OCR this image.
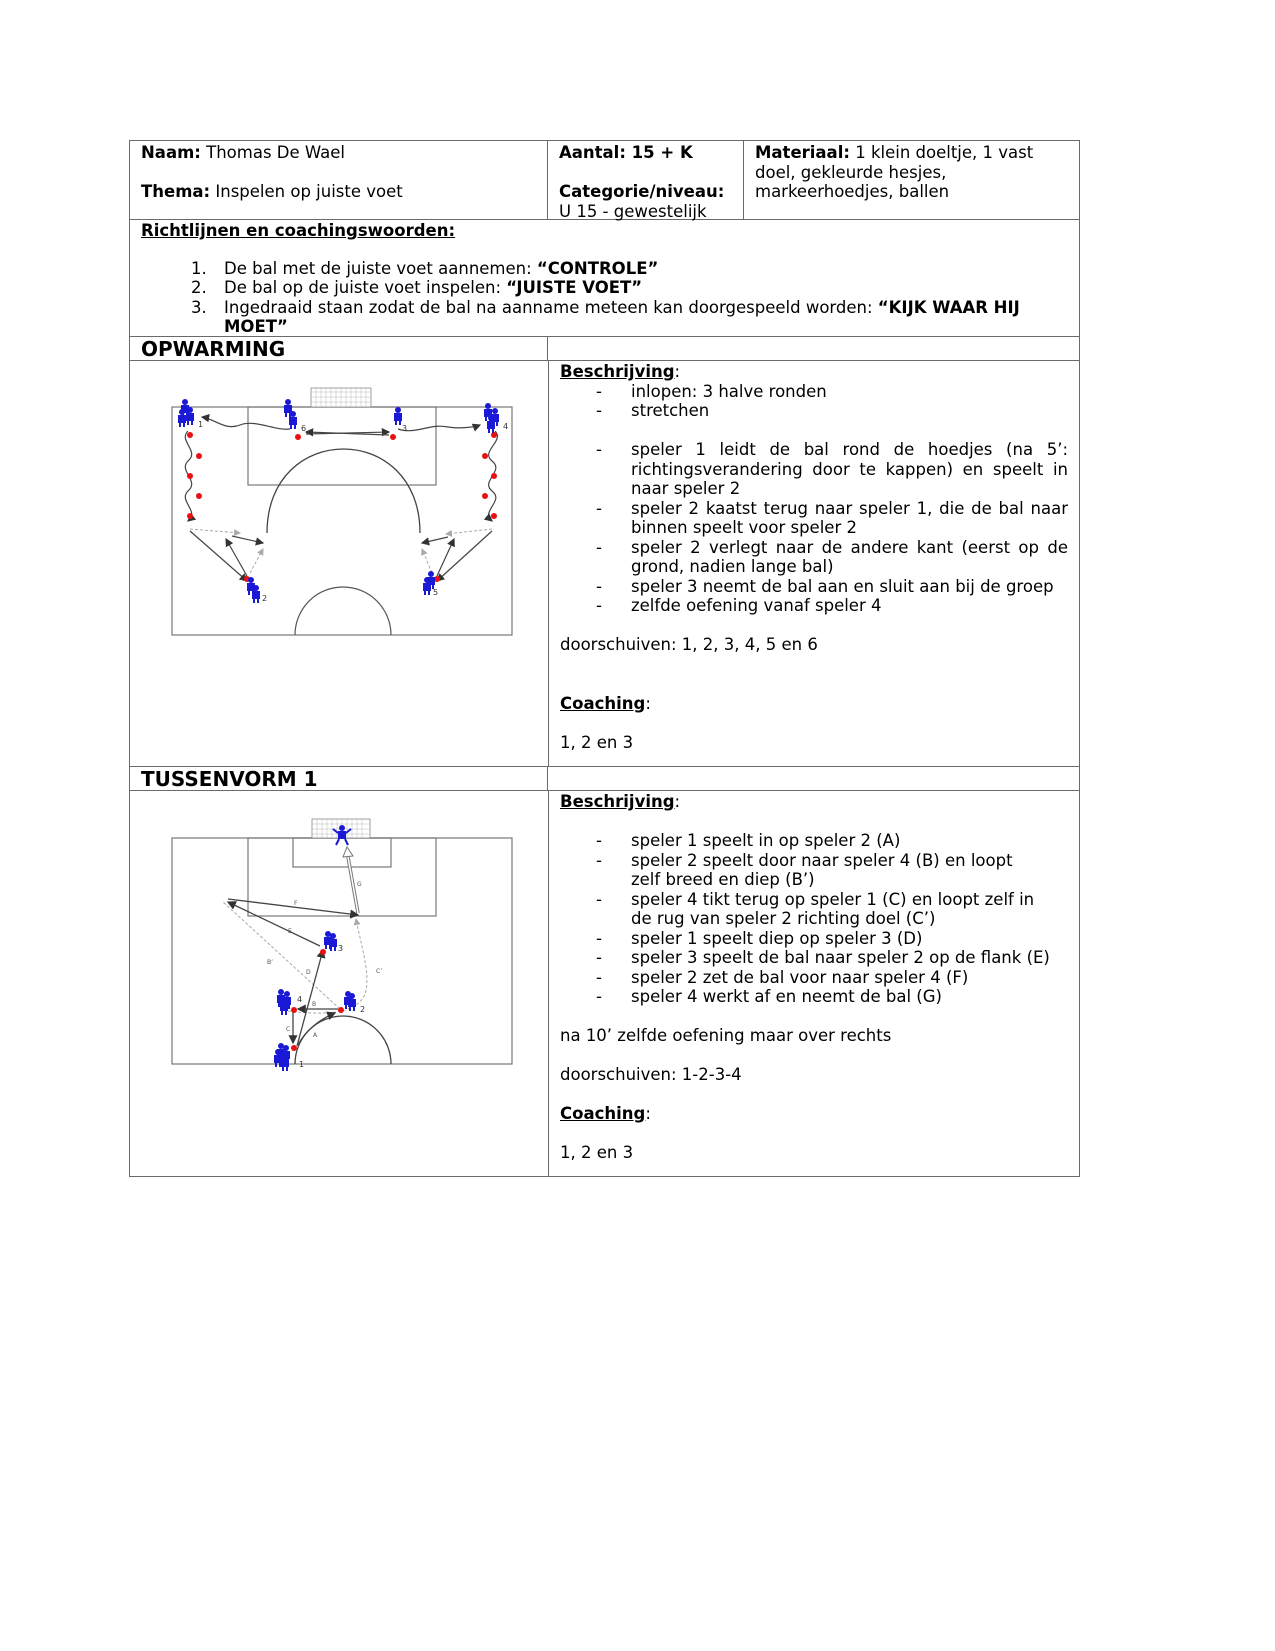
Naam: Thomas De Wael
Thema: Inspelen op juiste voet
Aantal: 15 + K
Categorie/niveau:
U 15 - gewestelijk
Materiaal: 1 klein doeltje, 1 vast doel, gekleurde hesjes, markeerhoedjes, ballen
Richtlijnen en coachingswoorden:
1. De bal met de juiste voet aannemen: “CONTROLE”
2. De bal op de juiste voet inspelen: “JUISTE VOET”
3. Ingedraaid staan zodat de bal na aanname meteen kan doorgespeeld worden: “KIJK WAAR HIJ MOET”
OPWARMING
1
2
3	4
5
6
Beschrijving:
- inlopen: 3 halve ronden
- stretchen
- speler 1 leidt de bal rond de hoedjes (na 5’: richtingsverandering door te kappen) en speelt in naar speler 2
- speler 2 kaatst terug naar speler 1, die de bal naar binnen speelt voor speler 2
- speler 2 verlegt naar de andere kant (eerst op de grond, nadien lange bal)
- speler 3 neemt de bal aan en sluit aan bij de groep
- zelfde oefening vanaf speler 4
doorschuiven: 1, 2, 3, 4, 5 en 6
Coaching:
1, 2 en 3
TUSSENVORM 1
1
2
3
4
A
B
B’
C
C’
D
E
F
G
Beschrijving:
- speler 1 speelt in op speler 2 (A)
- speler 2 speelt door naar speler 4 (B) en loopt zelf breed en diep (B’)
- speler 4 tikt terug op speler 1 (C) en loopt zelf in de rug van speler 2 richting doel (C’)
- speler 1 speelt diep op speler 3 (D)
- speler 3 speelt de bal naar speler 2 op de flank (E)
- speler 2 zet de bal voor naar speler 4 (F)
- speler 4 werkt af en neemt de bal (G)
na 10’ zelfde oefening maar over rechts
doorschuiven: 1-2-3-4
Coaching:
1, 2 en 3
